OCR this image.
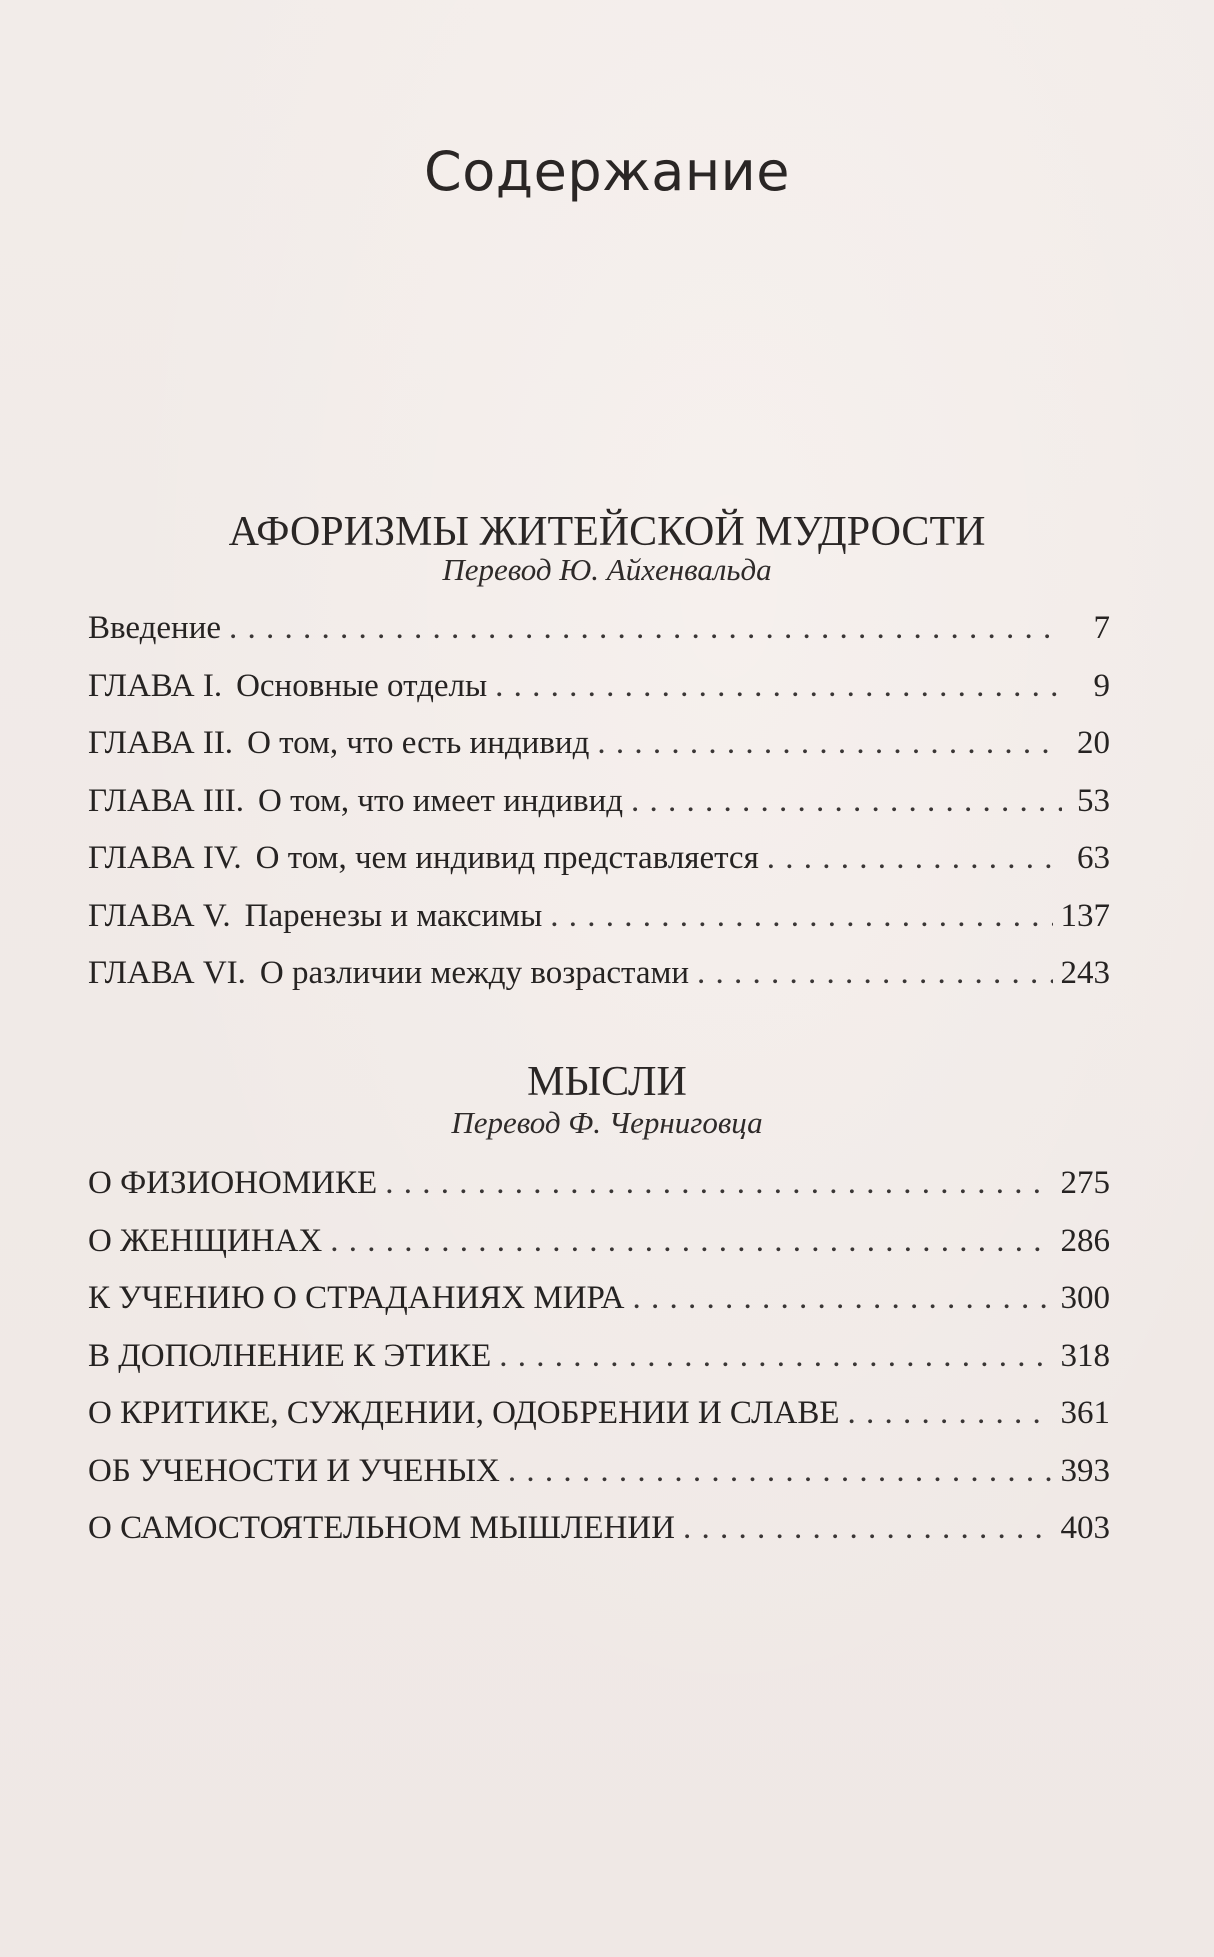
Содержание
АФОРИЗМЫ ЖИТЕЙСКОЙ МУДРОСТИ
Перевод Ю. Айхенвальда
Введение . . .	7
ГЛАВА I. Основные отделы . . .	9
ГЛАВА II. О том, что есть индивид . . .	20
ГЛАВА III. О том, что имеет индивид . . .	53
ГЛАВА IV. О том, чем индивид представляется . . .	63
ГЛАВА V. Паренезы и максимы . . .	137
ГЛАВА VI. О различии между возрастами . . .	243
МЫСЛИ
Перевод Ф. Черниговца
О ФИЗИОНОМИКЕ . . .	275
О ЖЕНЩИНАХ . . .	286
К УЧЕНИЮ О СТРАДАНИЯХ МИРА . . .	300
В ДОПОЛНЕНИЕ К ЭТИКЕ . . .	318
О КРИТИКЕ, СУЖДЕНИИ, ОДОБРЕНИИ И СЛАВЕ . . .	361
ОБ УЧЕНОСТИ И УЧЕНЫХ . . .	393
О САМОСТОЯТЕЛЬНОМ МЫШЛЕНИИ . . .	403
